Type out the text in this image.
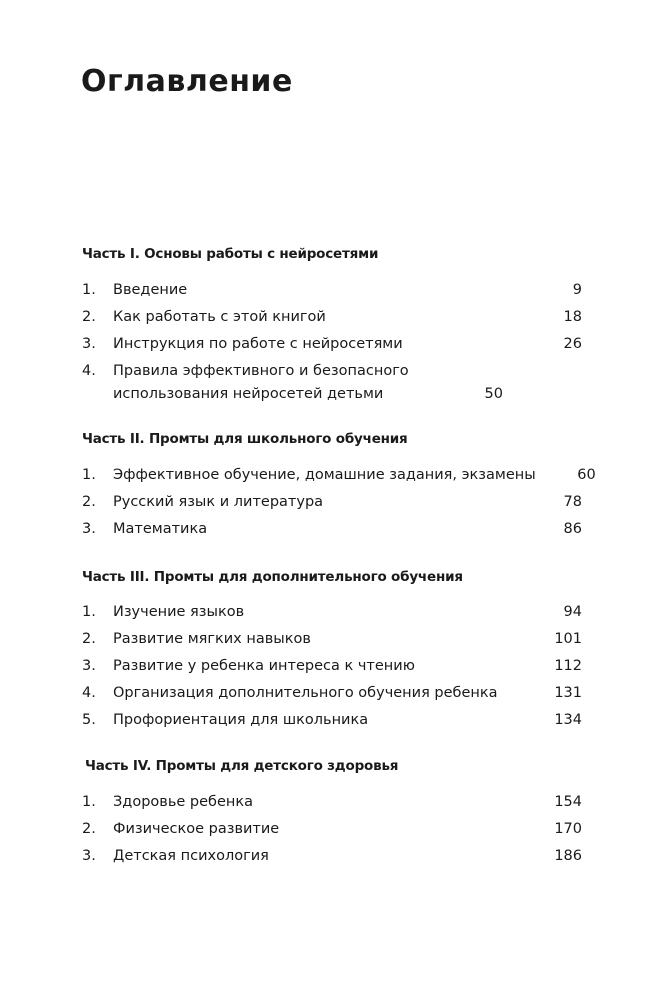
Оглавление
Часть I. Основы работы с нейросетями
1.	Введение	9
2.	Как работать с этой книгой	18
3.	Инструкция по работе с нейросетями	26
4.	Правила эффективного и безопасного использования нейросетей детьми	50
Часть II. Промты для школьного обучения
1.	Эффективное обучение, домашние задания, экзамены	60
2.	Русский язык и литература	78
3.	Математика	86
Часть III. Промты для дополнительного обучения
1.	Изучение языков	94
2.	Развитие мягких навыков	101
3.	Развитие у ребенка интереса к чтению	112
4.	Организация дополнительного обучения ребенка	131
5.	Профориентация для школьника	134
Часть IV. Промты для детского здоровья
1.	Здоровье ребенка	154
2.	Физическое развитие	170
3.	Детская психология	186
